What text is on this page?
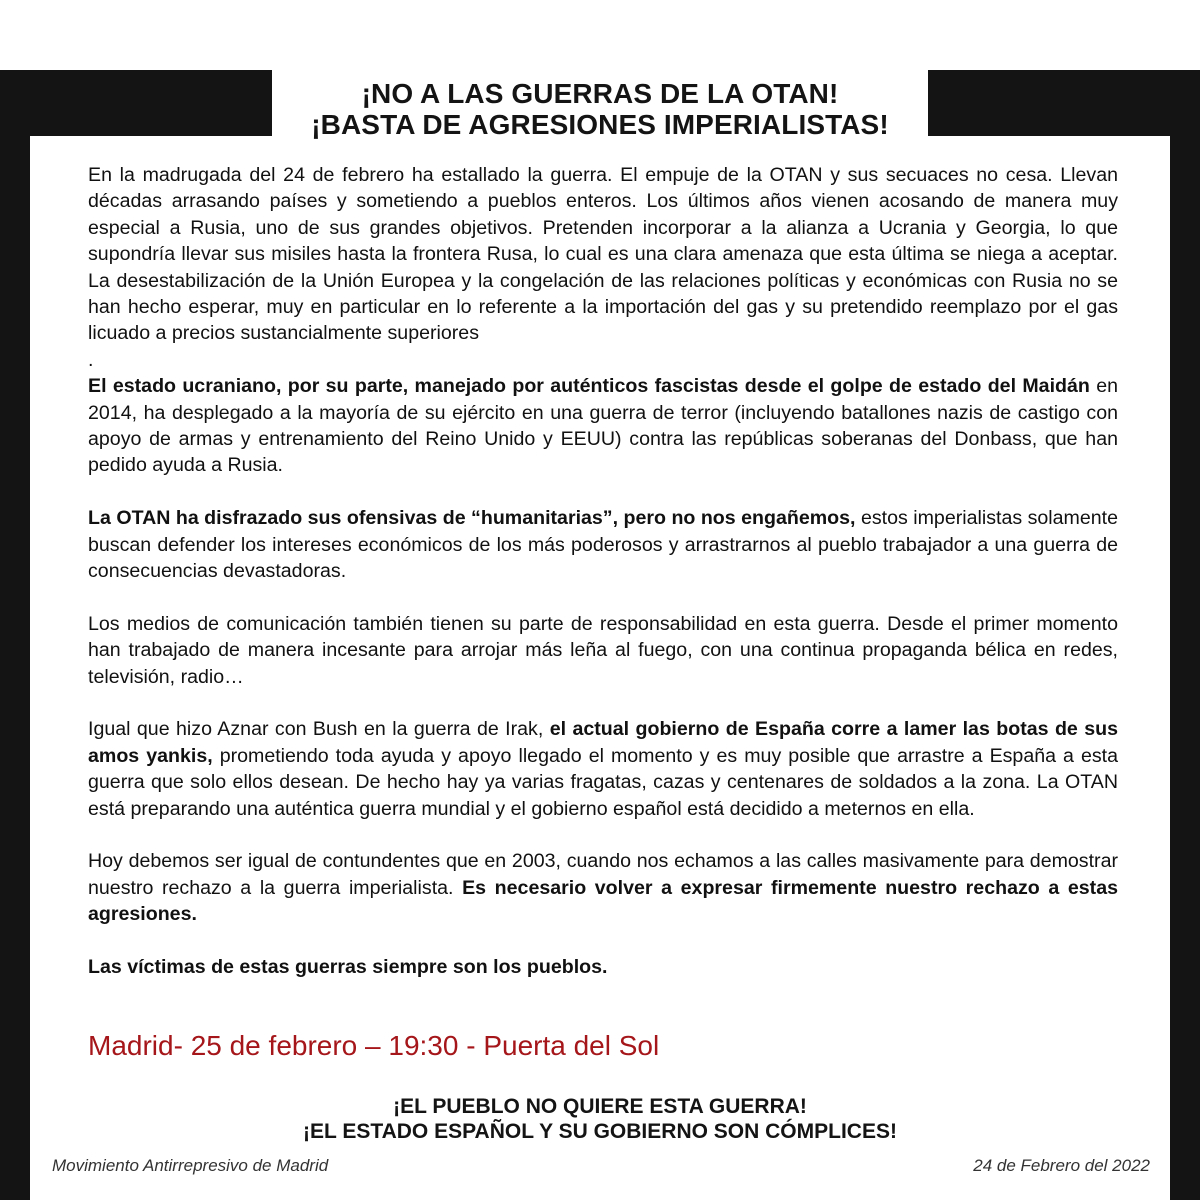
¡NO A LAS GUERRAS DE LA OTAN!
¡BASTA DE AGRESIONES IMPERIALISTAS!

En la madrugada del 24 de febrero ha estallado la guerra. El empuje de la OTAN y sus secuaces no cesa. Llevan décadas arrasando países y sometiendo a pueblos enteros. Los últimos años vienen acosando de manera muy especial a Rusia, uno de sus grandes objetivos. Pretenden incorporar a la alianza a Ucrania y Georgia, lo que supondría llevar sus misiles hasta la frontera Rusa, lo cual es una clara amenaza que esta última se niega a aceptar. La desestabilización de la Unión Europea y la congelación de las relaciones políticas y económicas con Rusia no se han hecho esperar, muy en particular en lo referente a la importación del gas y su pretendido reemplazo por el gas licuado a precios sustancialmente superiores

.

El estado ucraniano, por su parte, manejado por auténticos fascistas desde el golpe de estado del Maidán en 2014, ha desplegado a la mayoría de su ejército en una guerra de terror (incluyendo batallones nazis de castigo con apoyo de armas y entrenamiento del Reino Unido y EEUU) contra las repúblicas soberanas del Donbass, que han pedido ayuda a Rusia.

La OTAN ha disfrazado sus ofensivas de “humanitarias”, pero no nos engañemos, estos imperialistas solamente buscan defender los intereses económicos de los más poderosos y arrastrarnos al pueblo trabajador a una guerra de consecuencias devastadoras.

Los medios de comunicación también tienen su parte de responsabilidad en esta guerra. Desde el primer momento han trabajado de manera incesante para arrojar más leña al fuego, con una continua propaganda bélica en redes, televisión, radio…

Igual que hizo Aznar con Bush en la guerra de Irak, el actual gobierno de España corre a lamer las botas de sus amos yankis, prometiendo toda ayuda y apoyo llegado el momento y es muy posible que arrastre a España a esta guerra que solo ellos desean. De hecho hay ya varias fragatas, cazas y centenares de soldados a la zona. La OTAN está preparando una auténtica guerra mundial y el gobierno español está decidido a meternos en ella.

Hoy debemos ser igual de contundentes que en 2003, cuando nos echamos a las calles masivamente para demostrar nuestro rechazo a la guerra imperialista. Es necesario volver a expresar firmemente nuestro rechazo a estas agresiones.

Las víctimas de estas guerras siempre son los pueblos.

Madrid- 25 de febrero – 19:30 - Puerta del Sol
¡EL PUEBLO NO QUIERE ESTA GUERRA!
¡EL ESTADO ESPAÑOL Y SU GOBIERNO SON CÓMPLICES!
Movimiento Antirrepresivo de Madrid	24 de Febrero del 2022
